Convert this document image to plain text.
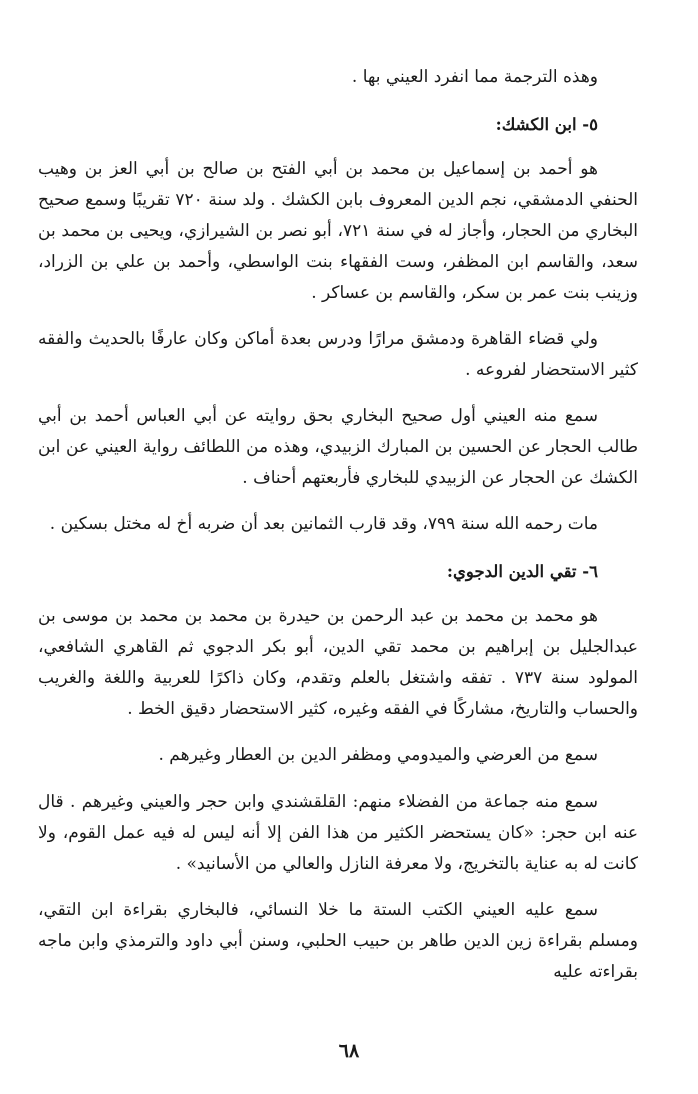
وهذه الترجمة مما انفرد العيني بها .

٥- ابن الكشك:

هو أحمد بن إسماعيل بن محمد بن أبي الفتح بن صالح بن أبي العز بن وهيب الحنفي الدمشقي، نجم الدين المعروف بابن الكشك . ولد سنة ٧٢٠ تقريبًا وسمع صحيح البخاري من الحجار، وأجاز له في سنة ٧٢١، أبو نصر بن الشيرازي، ويحيى بن محمد بن سعد، والقاسم ابن المظفر، وست الفقهاء بنت الواسطي، وأحمد بن علي بن الزراد، وزينب بنت عمر بن سكر، والقاسم بن عساكر .

ولي قضاء القاهرة ودمشق مرارًا ودرس بعدة أماكن وكان عارفًا بالحديث والفقه كثير الاستحضار لفروعه .

سمع منه العيني أول صحيح البخاري بحق روايته عن أبي العباس أحمد بن أبي طالب الحجار عن الحسين بن المبارك الزبيدي، وهذه من اللطائف رواية العيني عن ابن الكشك عن الحجار عن الزبيدي للبخاري فأربعتهم أحناف .

مات رحمه الله سنة ٧٩٩، وقد قارب الثمانين بعد أن ضربه أخ له مختل بسكين .

٦- تقي الدين الدجوي:

هو محمد بن محمد بن عبد الرحمن بن حيدرة بن محمد بن محمد بن موسى بن عبدالجليل بن إبراهيم بن محمد تقي الدين، أبو بكر الدجوي ثم القاهري الشافعي، المولود سنة ٧٣٧ . تفقه واشتغل بالعلم وتقدم، وكان ذاكرًا للعربية واللغة والغريب والحساب والتاريخ، مشاركًا في الفقه وغيره، كثير الاستحضار دقيق الخط .

سمع من العرضي والميدومي ومظفر الدين بن العطار وغيرهم .

سمع منه جماعة من الفضلاء منهم: القلقشندي وابن حجر والعيني وغيرهم . قال عنه ابن حجر: «كان يستحضر الكثير من هذا الفن إلا أنه ليس له فيه عمل القوم، ولا كانت له به عناية بالتخريج، ولا معرفة النازل والعالي من الأسانيد» .

سمع عليه العيني الكتب الستة ما خلا النسائي، فالبخاري بقراءة ابن التقي، ومسلم بقراءة زين الدين طاهر بن حبيب الحلبي، وسنن أبي داود والترمذي وابن ماجه بقراءته عليه

٦٨
